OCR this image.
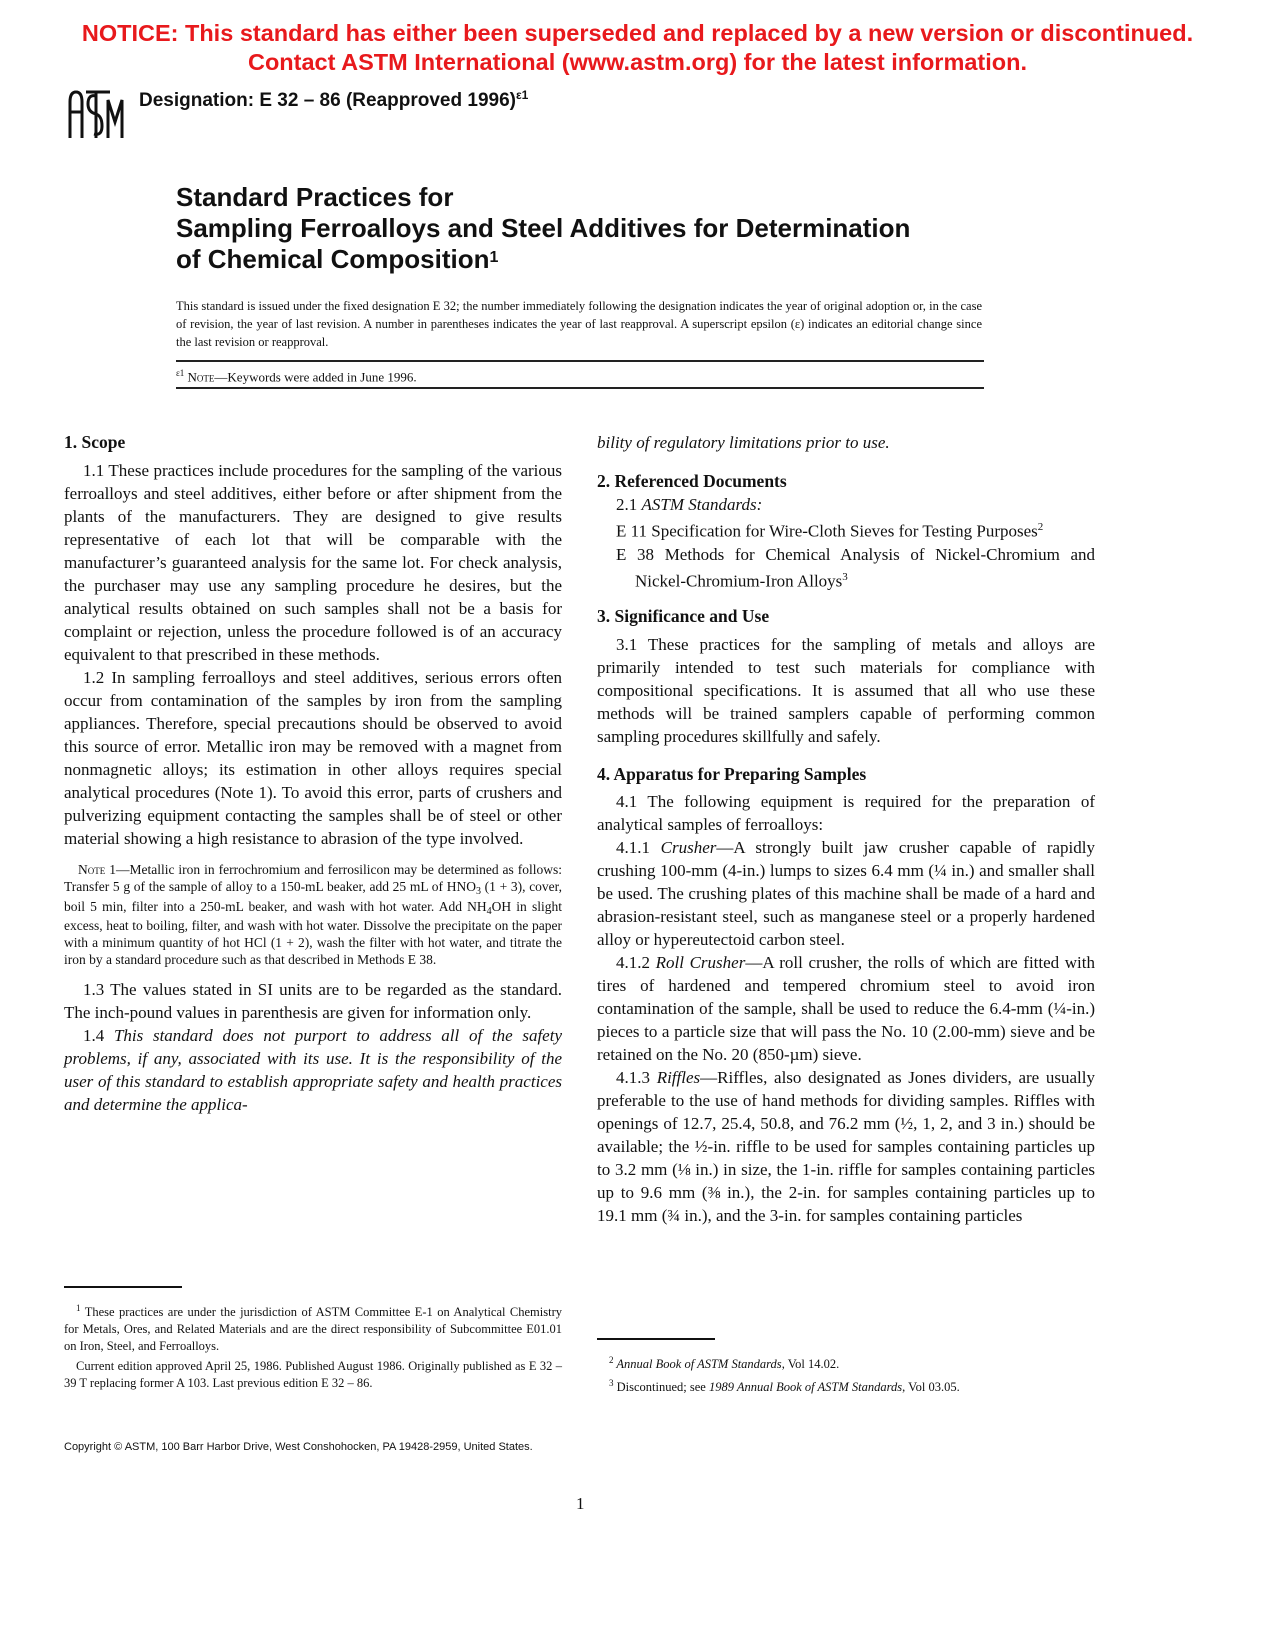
NOTICE: This standard has either been superseded and replaced by a new version or discontinued.
Contact ASTM International (www.astm.org) for the latest information.
Designation: E 32 – 86 (Reapproved 1996)$^{\varepsilon 1}$
Standard Practices for
Sampling Ferroalloys and Steel Additives for Determination
of Chemical Composition$^1$
This standard is issued under the fixed designation E 32; the number immediately following the designation indicates the year of original adoption or, in the case of revision, the year of last revision. A number in parentheses indicates the year of last reapproval. A superscript epsilon (ε) indicates an editorial change since the last revision or reapproval.
$^{\varepsilon 1}$ Note—Keywords were added in June 1996.
1. Scope

1.1 These practices include procedures for the sampling of the various ferroalloys and steel additives, either before or after shipment from the plants of the manufacturers. They are designed to give results representative of each lot that will be comparable with the manufacturer’s guaranteed analysis for the same lot. For check analysis, the purchaser may use any sampling procedure he desires, but the analytical results obtained on such samples shall not be a basis for complaint or rejection, unless the procedure followed is of an accuracy equivalent to that prescribed in these methods.

1.2 In sampling ferroalloys and steel additives, serious errors often occur from contamination of the samples by iron from the sampling appliances. Therefore, special precautions should be observed to avoid this source of error. Metallic iron may be removed with a magnet from nonmagnetic alloys; its estimation in other alloys requires special analytical procedures (Note 1). To avoid this error, parts of crushers and pulverizing equipment contacting the samples shall be of steel or other material showing a high resistance to abrasion of the type involved.

Note 1—Metallic iron in ferrochromium and ferrosilicon may be determined as follows: Transfer 5 g of the sample of alloy to a 150-mL beaker, add 25 mL of $HNO_3$ (1 + 3), cover, boil 5 min, filter into a 250-mL beaker, and wash with hot water. Add $NH_4OH$ in slight excess, heat to boiling, filter, and wash with hot water. Dissolve the precipitate on the paper with a minimum quantity of hot HCl (1 + 2), wash the filter with hot water, and titrate the iron by a standard procedure such as that described in Methods E 38.

1.3 The values stated in SI units are to be regarded as the standard. The inch-pound values in parenthesis are given for information only.

1.4 This standard does not purport to address all of the safety problems, if any, associated with its use. It is the responsibility of the user of this standard to establish appropriate safety and health practices and determine the applica-

$^1$ These practices are under the jurisdiction of ASTM Committee E-1 on Analytical Chemistry for Metals, Ores, and Related Materials and are the direct responsibility of Subcommittee E01.01 on Iron, Steel, and Ferroalloys.

Current edition approved April 25, 1986. Published August 1986. Originally published as E 32 – 39 T replacing former A 103. Last previous edition E 32 – 86.

bility of regulatory limitations prior to use.
2. Referenced Documents

2.1 ASTM Standards:

E 11 Specification for Wire-Cloth Sieves for Testing Purposes$^2$

E 38 Methods for Chemical Analysis of Nickel-Chromium and Nickel-Chromium-Iron Alloys$^3$

3. Significance and Use

3.1 These practices for the sampling of metals and alloys are primarily intended to test such materials for compliance with compositional specifications. It is assumed that all who use these methods will be trained samplers capable of performing common sampling procedures skillfully and safely.

4. Apparatus for Preparing Samples

4.1 The following equipment is required for the preparation of analytical samples of ferroalloys:

4.1.1 Crusher—A strongly built jaw crusher capable of rapidly crushing 100-mm (4-in.) lumps to sizes 6.4 mm (¼ in.) and smaller shall be used. The crushing plates of this machine shall be made of a hard and abrasion-resistant steel, such as manganese steel or a properly hardened alloy or hypereutectoid carbon steel.

4.1.2 Roll Crusher—A roll crusher, the rolls of which are fitted with tires of hardened and tempered chromium steel to avoid iron contamination of the sample, shall be used to reduce the 6.4-mm (¼-in.) pieces to a particle size that will pass the No. 10 (2.00-mm) sieve and be retained on the No. 20 (850-µm) sieve.

4.1.3 Riffles—Riffles, also designated as Jones dividers, are usually preferable to the use of hand methods for dividing samples. Riffles with openings of 12.7, 25.4, 50.8, and 76.2 mm (½, 1, 2, and 3 in.) should be available; the ½-in. riffle to be used for samples containing particles up to 3.2 mm (⅛ in.) in size, the 1-in. riffle for samples containing particles up to 9.6 mm (⅜ in.), the 2-in. for samples containing particles up to 19.1 mm (¾ in.), and the 3-in. for samples containing particles

$^2$ Annual Book of ASTM Standards, Vol 14.02.

$^3$ Discontinued; see 1989 Annual Book of ASTM Standards, Vol 03.05.

Copyright © ASTM, 100 Barr Harbor Drive, West Conshohocken, PA 19428-2959, United States.
1
